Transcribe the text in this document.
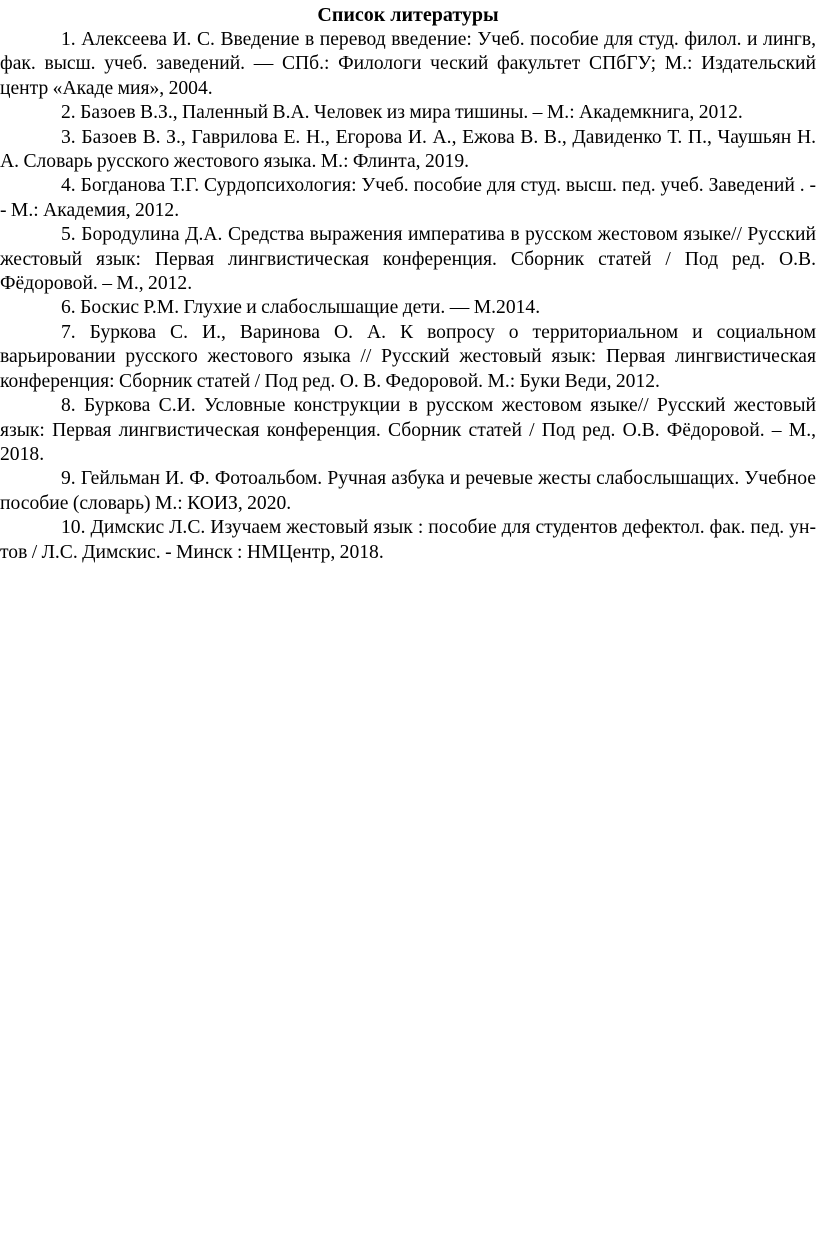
Список литературы

1. Алексеева И. С. Введение в перевод введение: Учеб. пособие для студ. филол. и лингв, фак. высш. учеб. заведений. — СПб.: Филологи ческий факультет СПбГУ; М.: Издательский центр «Акаде мия», 2004.

2. Базоев В.З., Паленный В.А. Человек из мира тишины. – М.: Академкнига, 2012.

3. Базоев В. З., Гаврилова Е. Н., Егорова И. А., Ежова В. В., Давиденко Т. П., Чаушьян Н. А. Словарь русского жестового языка. М.: Флинта, 2019.

4. Богданова Т.Г. Сурдопсихология: Учеб. пособие для студ. высш. пед. учеб. Заведений . -- М.: Академия, 2012.

5. Бородулина Д.А. Средства выражения императива в русском жестовом языке// Русский жестовый язык: Первая лингвистическая конференция. Сборник статей / Под ред. О.В. Фёдоровой. – М., 2012.

6. Боскис Р.М. Глухие и слабослышащие дети. — М.2014.

7. Буркова С. И., Варинова О. А. К вопросу о территориальном и социальном варьировании русского жестового языка // Русский жестовый язык: Первая лингвистическая конференция: Сборник статей / Под ред. О. В. Федоровой. М.: Буки Веди, 2012.

8. Буркова С.И. Условные конструкции в русском жестовом языке// Русский жестовый язык: Первая лингвистическая конференция. Сборник статей / Под ред. О.В. Фёдоровой. – М., 2018.

9. Гейльман И. Ф. Фотоальбом. Ручная азбука и речевые жесты слабослышащих. Учебное пособие (словарь) М.: КОИЗ, 2020.

10. Димскис Л.С. Изучаем жестовый язык : пособие для студентов дефектол. фак. пед. ун- тов / Л.С. Димскис. - Минск : НМЦентр, 2018.
